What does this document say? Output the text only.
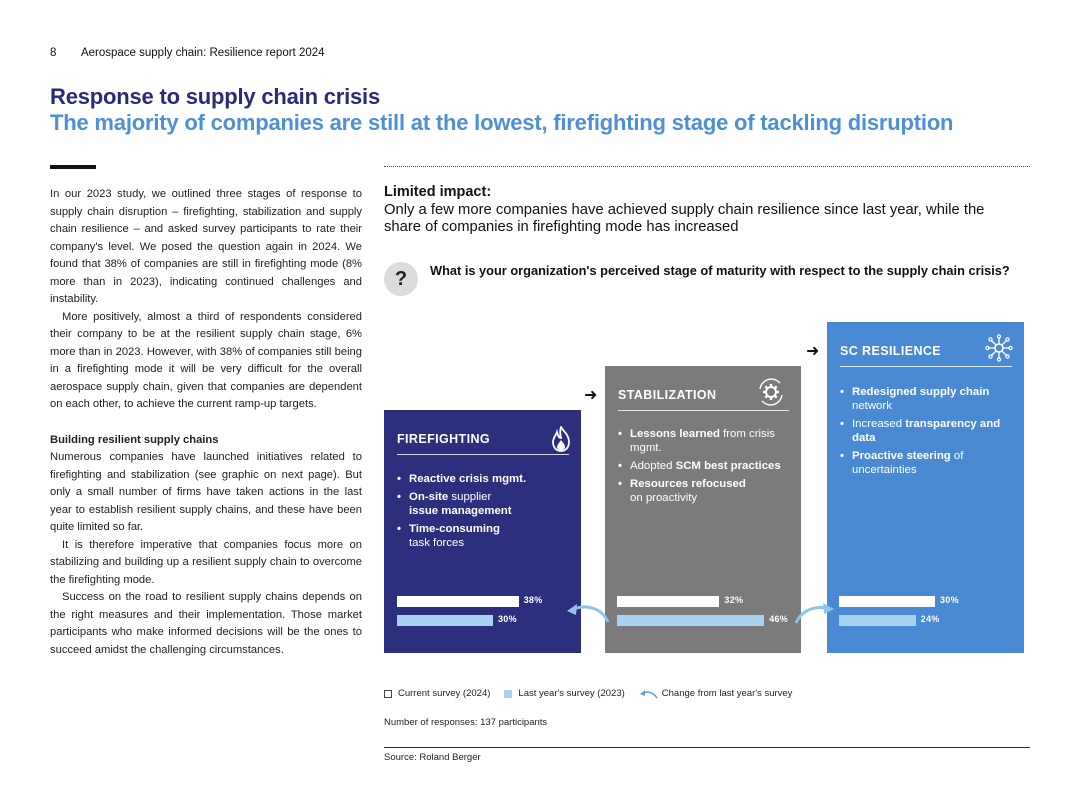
8 Aerospace supply chain: Resilience report 2024
Response to supply chain crisis
The majority of companies are still at the lowest, firefighting stage of tackling disruption

In our 2023 study, we outlined three stages of response to supply chain disruption – firefighting, stabilization and supply chain resilience – and asked survey participants to rate their company's level. We posed the question again in 2024. We found that 38% of companies are still in firefighting mode (8% more than in 2023), indicating continued challenges and instability.

More positively, almost a third of respondents considered their company to be at the resilient supply chain stage, 6% more than in 2023. However, with 38% of companies still being in a firefighting mode it will be very difficult for the overall aerospace supply chain, given that companies are dependent on each other, to achieve the current ramp-up targets.

Building resilient supply chains

Numerous companies have launched initiatives related to firefighting and stabilization (see graphic on next page). But only a small number of firms have taken actions in the last year to establish resilient supply chains, and these have been quite limited so far.

It is therefore imperative that companies focus more on stabilizing and building up a resilient supply chain to overcome the firefighting mode.

Success on the road to resilient supply chains depends on the right measures and their implementation. Those market participants who make informed decisions will be the ones to succeed amidst the challenging circumstances.

Limited impact:
Only a few more companies have achieved supply chain resilience since last year, while the share of companies in firefighting mode has increased
?	What is your organization's perceived stage of maturity with respect to the supply chain crisis?
FIREFIGHTING
• Reactive crisis mgmt.
• On-site supplier
issue management
• Time-consuming
task forces
38%
30%
➜ STABILIZATION
• Lessons learned from crisis mgmt.
• Adopted SCM best practices
• Resources refocused
on proactivity
32%
46%
➜ SC RESILIENCE
• Redesigned supply chain
network
• Increased transparency and data
• Proactive steering of uncertainties
30%
24%
Current survey (2024)	Last year's survey (2023)	Change from last year's survey
Number of responses: 137 participants
Source: Roland Berger
